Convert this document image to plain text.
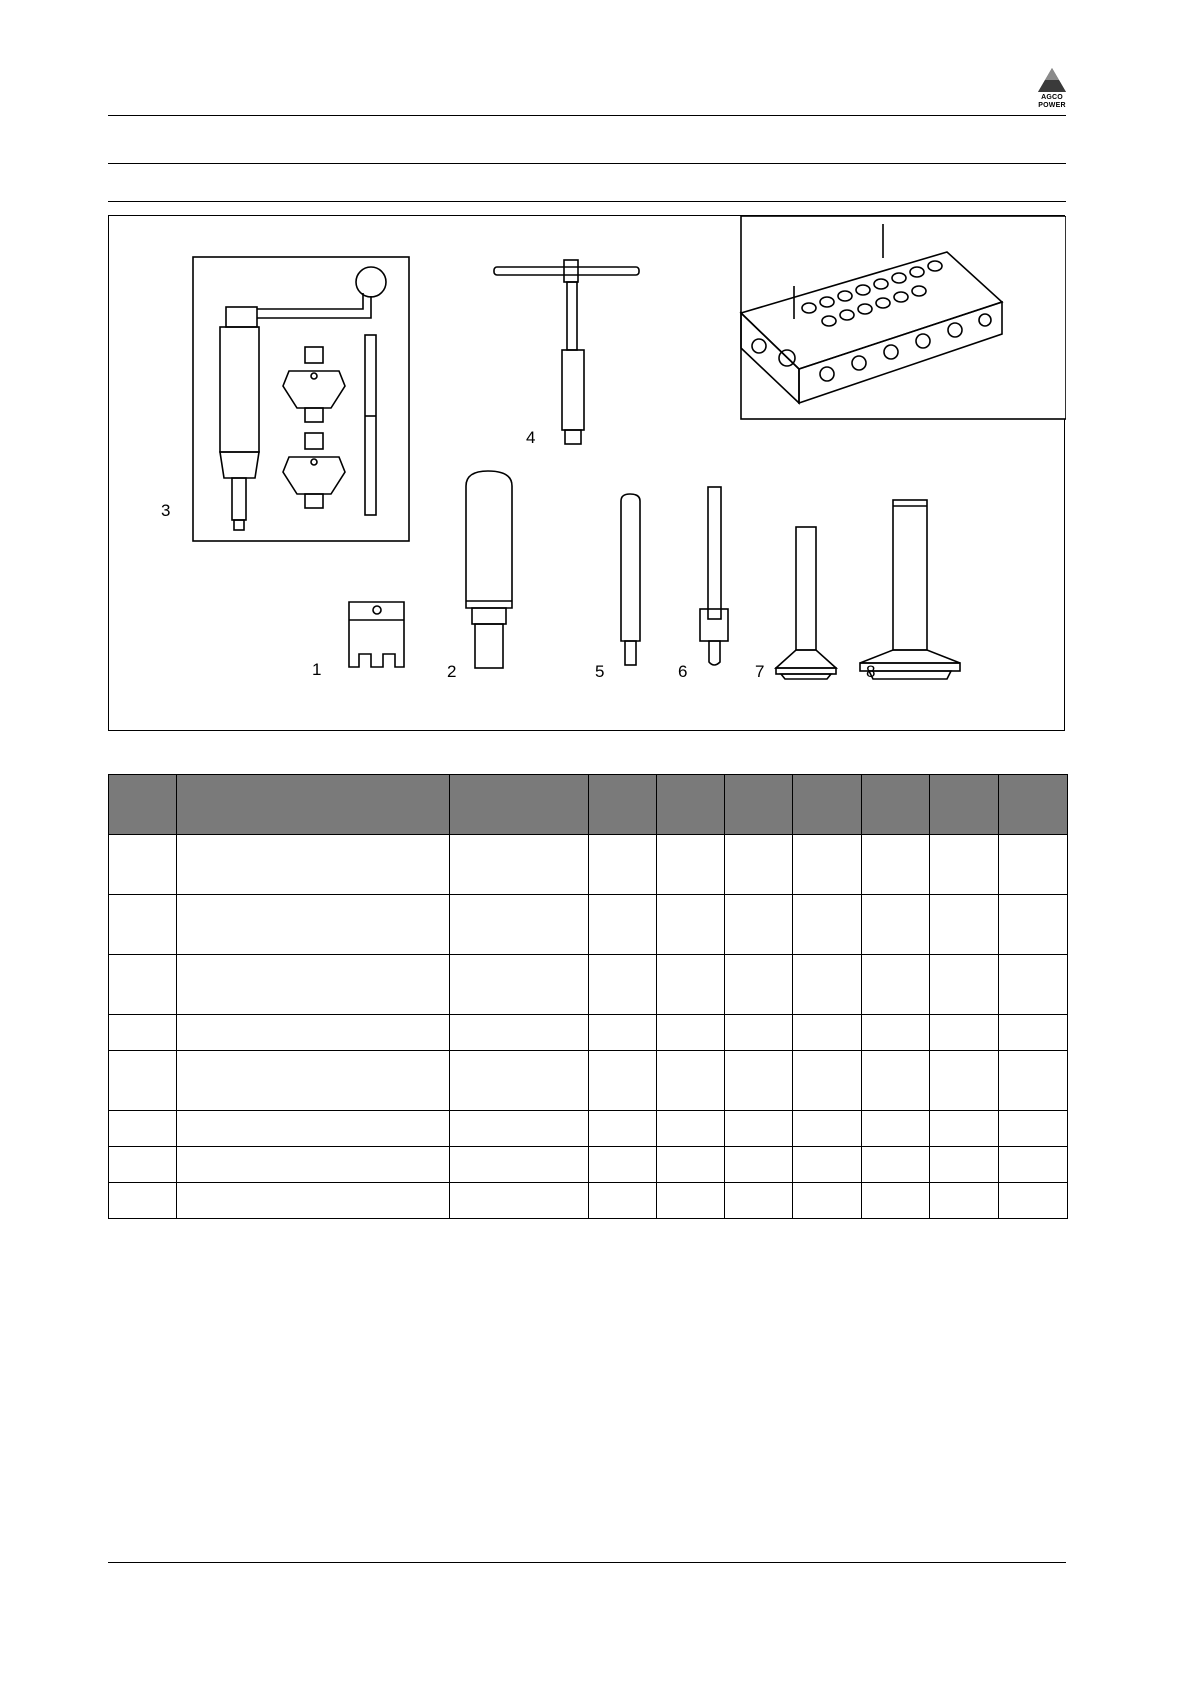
AGCO
POWER
3
4
1	2	5	6	7	8
